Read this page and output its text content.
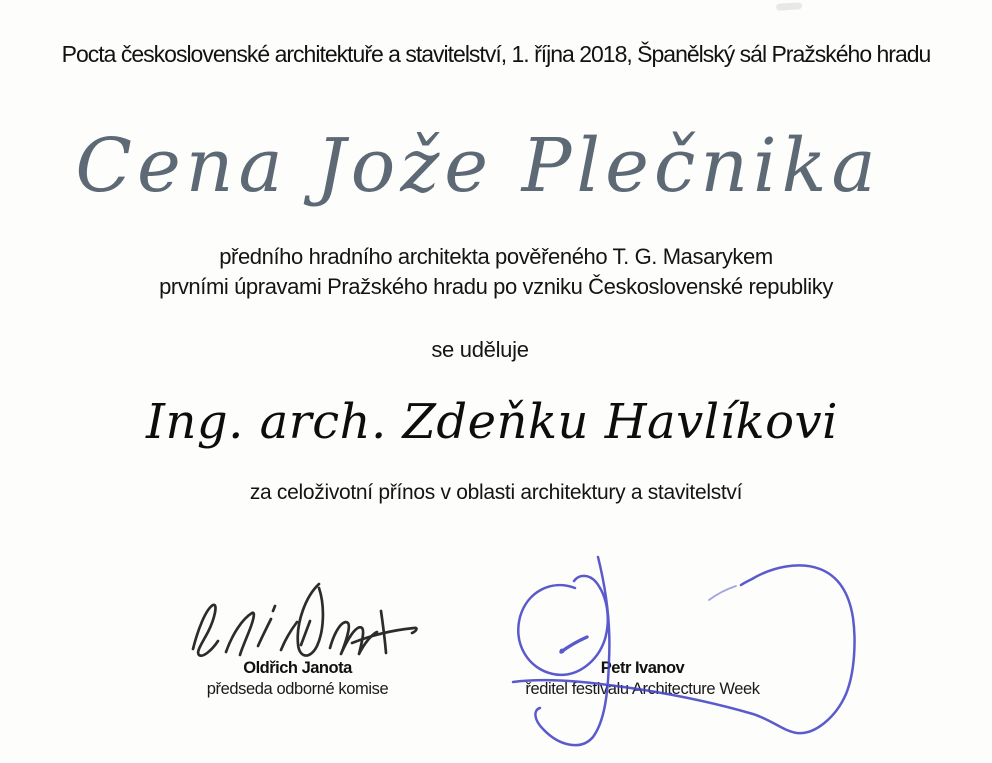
Pocta československé architektuře a stavitelství, 1. října 2018, Španělský sál Pražského hradu
Cena Jože Plečnika
předního hradního architekta pověřeného T. G. Masarykem
prvními úpravami Pražského hradu po vzniku Československé republiky
se uděluje
Ing. arch. Zdeňku Havlíkovi
za celoživotní přínos v oblasti architektury a stavitelství

Oldřich Janota

předseda odborné komise

Petr Ivanov

ředitel festivalu Architecture Week
